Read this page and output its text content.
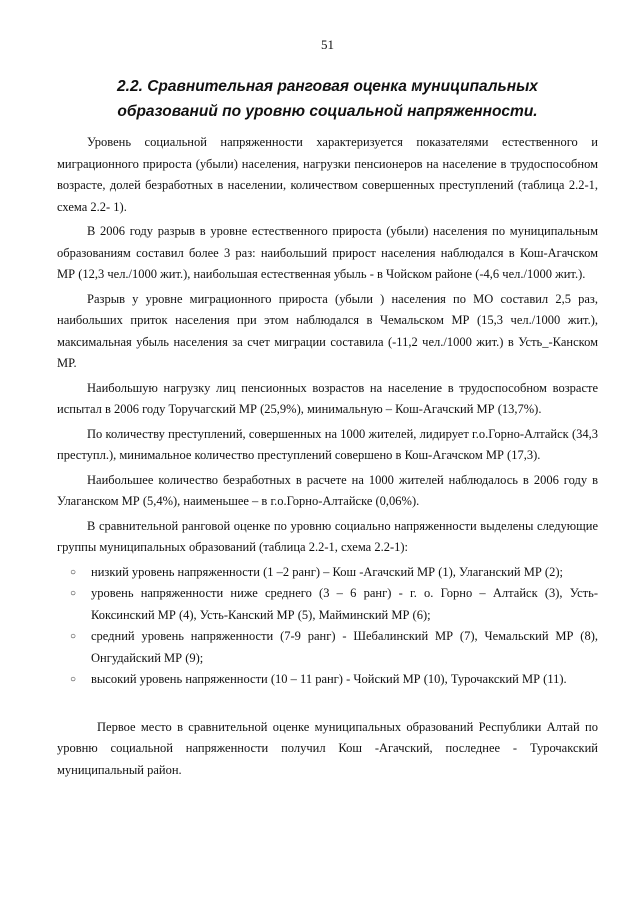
51
2.2. Сравнительная ранговая оценка муниципальных
образований по уровню социальной напряженности.

Уровень социальной напряженности характеризуется показателями естественного и миграционного прироста (убыли) населения, нагрузки пенсионеров на население в трудоспособном возрасте, долей безработных в населении, количеством совершенных преступлений (таблица 2.2-1, схема 2.2- 1).

В 2006 году разрыв в уровне естественного прироста (убыли) населения по муниципальным образованиям составил более 3 раз: наибольший прирост населения наблюдался в Кош-Агачском МР (12,3 чел./1000 жит.), наибольшая естественная убыль - в Чойском районе (-4,6 чел./1000 жит.).

Разрыв у уровне миграционного прироста (убыли ) населения по МО составил 2,5 раз, наибольших приток населения при этом наблюдался в Чемальском МР (15,3 чел./1000 жит.), максимальная убыль населения за счет миграции составила (-11,2 чел./1000 жит.) в Усть_-Канском МР.

Наибольшую нагрузку лиц пенсионных возрастов на население в трудоспособном возрасте испытал в 2006 году Торучагский МР (25,9%), минимальную – Кош-Агачский МР (13,7%).

По количеству преступлений, совершенных на 1000 жителей, лидирует г.о.Горно-Алтайск (34,3 преступл.), минимальное количество преступлений совершено в Кош-Агачском МР (17,3).

Наибольшее количество безработных в расчете на 1000 жителей наблюдалось в 2006 году в Улаганском МР (5,4%), наименьшее – в г.о.Горно-Алтайске (0,06%).

В сравнительной ранговой оценке по уровню социально напряженности выделены следующие группы муниципальных образований (таблица 2.2-1, схема 2.2-1):

○ низкий уровень напряженности (1 –2 ранг) – Кош -Агачский МР (1), Улаганский МР (2);
○ уровень напряженности ниже среднего (3 – 6 ранг) - г. о. Горно – Алтайск (3), Усть-Коксинский МР (4), Усть-Канский МР (5), Майминский МР (6);
○ средний уровень напряженности (7-9 ранг) - Шебалинский МР (7), Чемальский МР (8), Онгудайский МР (9);
○ высокий уровень напряженности (10 – 11 ранг) - Чойский МР (10), Турочакский МР (11).

Первое место в сравнительной оценке муниципальных образований Республики Алтай по уровню социальной напряженности получил Кош -Агачский, последнее - Турочакский муниципальный район.
